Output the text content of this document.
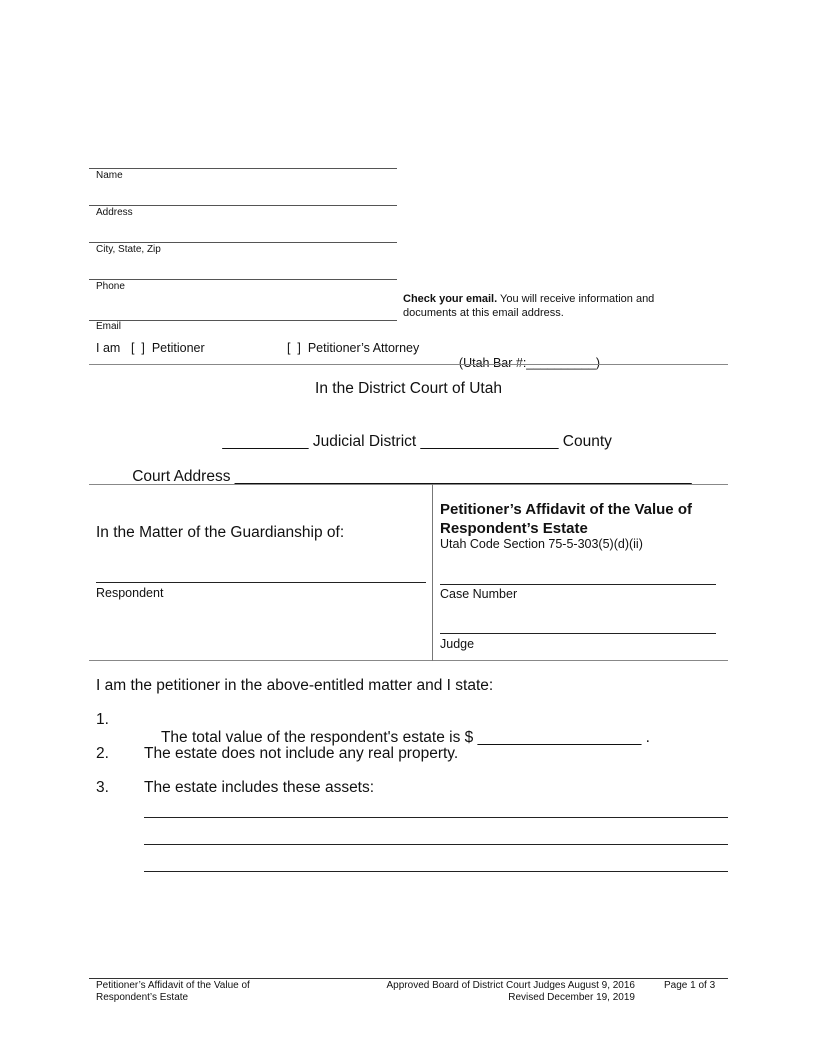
Name
Address
City, State, Zip
Phone
Email
Check your email. You will receive information and
documents at this email address.
I am [  ]  Petitioner	[  ]  Petitioner’s Attorney

(Utah Bar #:__________)

In the District Court of Utah

__________ Judicial District ________________ County

Court Address _____________________________________________________

In the Matter of the Guardianship of:
Respondent
Petitioner’s Affidavit of the Value of
Respondent’s Estate
Utah Code Section 75-5-303(5)(d)(ii)
Case Number
Judge
I am the petitioner in the above-entitled matter and I state:
1.

The total value of the respondent's estate is $ ___________________ .

2. The estate does not include any real property.
3. The estate includes these assets:
Petitioner’s Affidavit of the Value of
Respondent’s Estate
Approved Board of District Court Judges August 9, 2016
Revised December 19, 2019
Page 1 of 3
